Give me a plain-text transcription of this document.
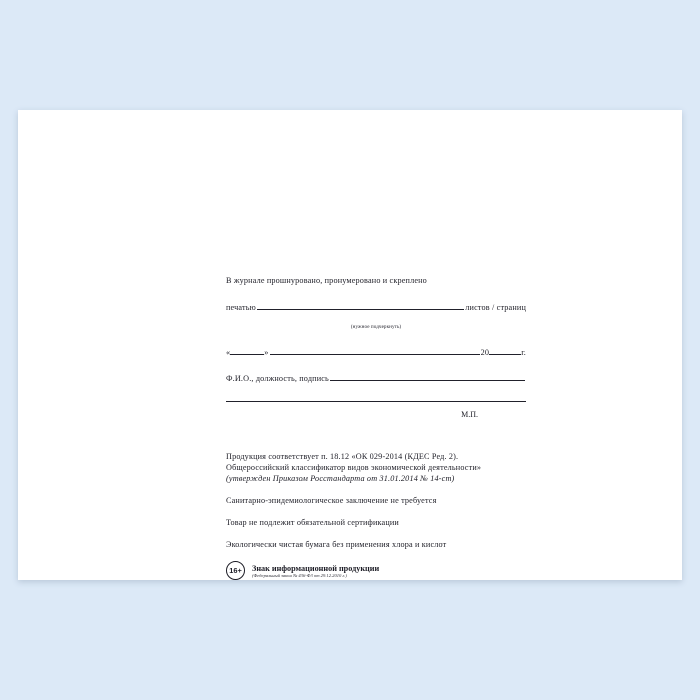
В журнале прошнуровано, пронумеровано и скреплено
печатью	листов / страниц
(нужное подчеркнуть)
«	»	20	г.
Ф.И.О., должность, подпись
М.П.
Продукция соответствует п. 18.12 «ОК 029-2014 (КДЕС Ред. 2).
Общероссийский классификатор видов экономической деятельности»
(утвержден Приказом Росстандарта от 31.01.2014 № 14-ст)
Санитарно-эпидемиологическое заключение не требуется
Товар не подлежит обязательной сертификации
Экологически чистая бумага без применения хлора и кислот
16+	Знак информационной продукции
(Федеральный закон № 436-Ф3 от 29.12.2010 г.)
